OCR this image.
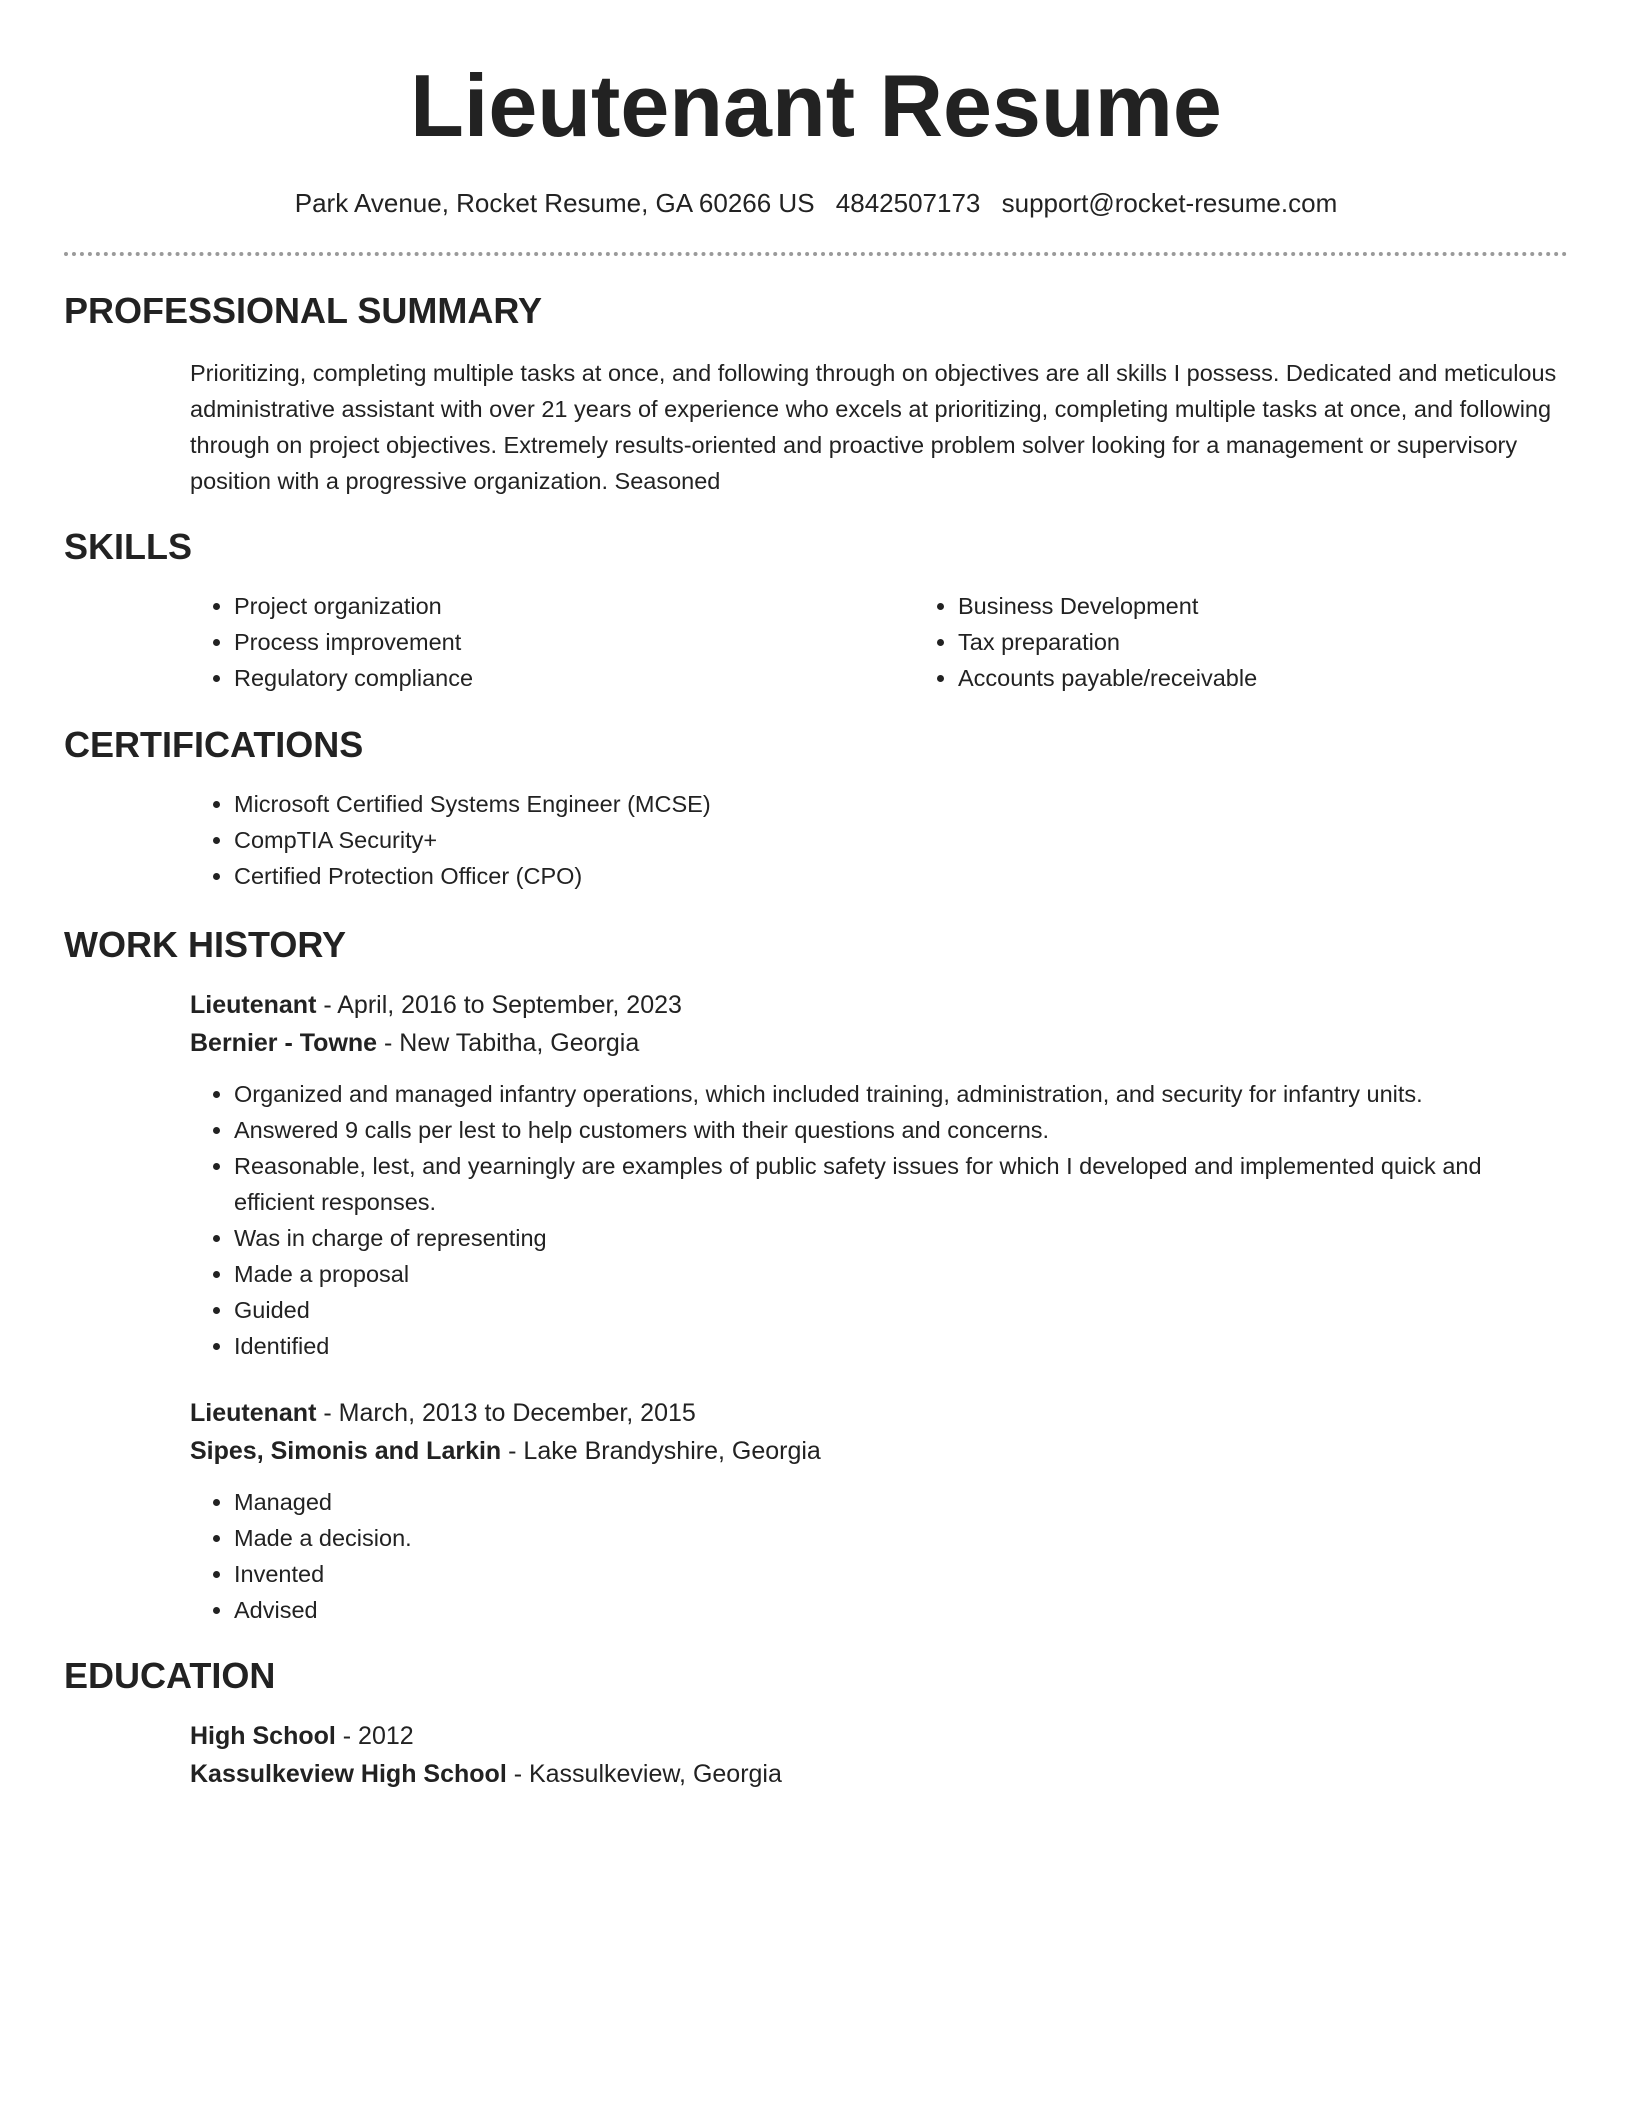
Lieutenant Resume
Park Avenue, Rocket Resume, GA 60266 US 4842507173 support@rocket-resume.com
PROFESSIONAL SUMMARY

Prioritizing, completing multiple tasks at once, and following through on objectives are all skills I possess. Dedicated and meticulous administrative assistant with over 21 years of experience who excels at prioritizing, completing multiple tasks at once, and following through on project objectives. Extremely results-oriented and proactive problem solver looking for a management or supervisory position with a progressive organization. Seasoned

SKILLS
• Project organization
• Process improvement
• Regulatory compliance
• Business Development
• Tax preparation
• Accounts payable/receivable
CERTIFICATIONS
• Microsoft Certified Systems Engineer (MCSE)
• CompTIA Security+
• Certified Protection Officer (CPO)
WORK HISTORY
Lieutenant - April, 2016 to September, 2023
Bernier - Towne - New Tabitha, Georgia
• Organized and managed infantry operations, which included training, administration, and security for infantry units.
• Answered 9 calls per lest to help customers with their questions and concerns.
• Reasonable, lest, and yearningly are examples of public safety issues for which I developed and implemented quick and efficient responses.
• Was in charge of representing
• Made a proposal
• Guided
• Identified
Lieutenant - March, 2013 to December, 2015
Sipes, Simonis and Larkin - Lake Brandyshire, Georgia
• Managed
• Made a decision.
• Invented
• Advised
EDUCATION
High School - 2012
Kassulkeview High School - Kassulkeview, Georgia
